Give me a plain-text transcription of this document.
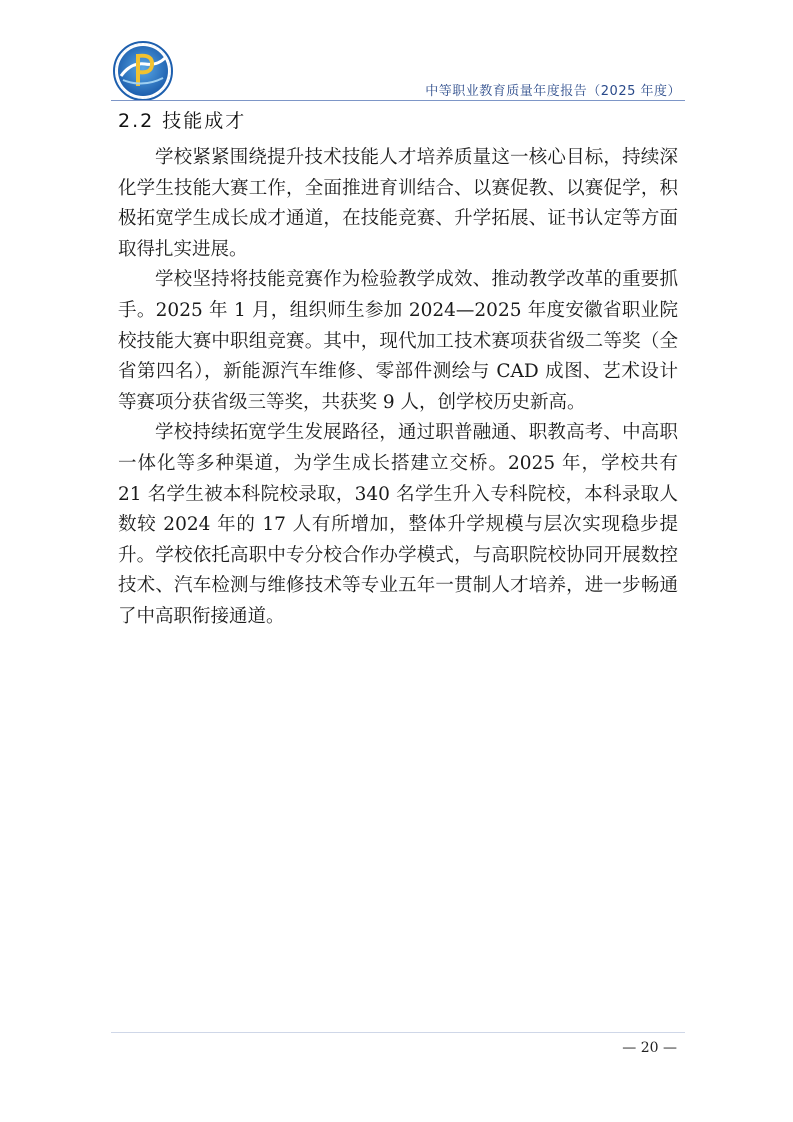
中等职业教育质量年度报告（2025 年度）
2.2 技能成才

学校紧紧围绕提升技术技能人才培养质量这一核心目标，持续深化学生技能大赛工作，全面推进育训结合、以赛促教、以赛促学，积极拓宽学生成长成才通道，在技能竞赛、升学拓展、证书认定等方面取得扎实进展。

学校坚持将技能竞赛作为检验教学成效、推动教学改革的重要抓手。2025 年 1 月，组织师生参加 2024—2025 年度安徽省职业院校技能大赛中职组竞赛。其中，现代加工技术赛项获省级二等奖（全省第四名），新能源汽车维修、零部件测绘与 CAD 成图、艺术设计等赛项分获省级三等奖，共获奖 9 人，创学校历史新高。

学校持续拓宽学生发展路径，通过职普融通、职教高考、中高职一体化等多种渠道，为学生成长搭建立交桥。2025 年，学校共有 21 名学生被本科院校录取，340 名学生升入专科院校，本科录取人数较 2024 年的 17 人有所增加，整体升学规模与层次实现稳步提升。学校依托高职中专分校合作办学模式，与高职院校协同开展数控技术、汽车检测与维修技术等专业五年一贯制人才培养，进一步畅通了中高职衔接通道。

— 20 —
